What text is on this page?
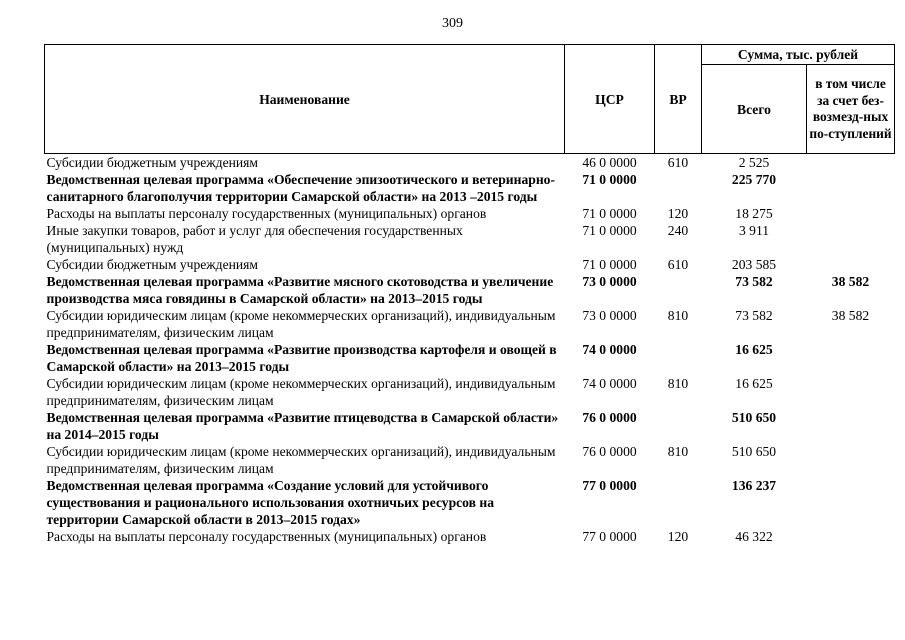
309
Наименование	ЦСР	ВР	Сумма, тыс. рублей	
			Всего	в том числе за счет без-возмезд-ных по-ступлений
Субсидии бюджетным учреждениям	46 0 0000	610	2 525	
Ведомственная целевая программа «Обеспечение эпизоотического и ветеринарно-санитарного благополучия территории Самарской области» на 2013 –2015 годы	71 0 0000		225 770	
Расходы на выплаты персоналу государственных (муниципальных) органов	71 0 0000	120	18 275	
Иные закупки товаров, работ и услуг для обеспечения государственных (муниципальных) нужд	71 0 0000	240	3 911	
Субсидии бюджетным учреждениям	71 0 0000	610	203 585	
Ведомственная целевая программа «Развитие мясного скотоводства и увеличение производства мяса говядины в Самарской области» на 2013–2015 годы	73 0 0000		73 582	38 582
Субсидии юридическим лицам (кроме некоммерческих организаций), индивидуальным предпринимателям, физическим лицам	73 0 0000	810	73 582	38 582
Ведомственная целевая программа «Развитие производства картофеля и овощей в Самарской области» на 2013–2015 годы	74 0 0000		16 625	
Субсидии юридическим лицам (кроме некоммерческих организаций), индивидуальным предпринимателям, физическим лицам	74 0 0000	810	16 625	
Ведомственная целевая программа «Развитие птицеводства в Самарской области» на 2014–2015 годы	76 0 0000		510 650	
Субсидии юридическим лицам (кроме некоммерческих организаций), индивидуальным предпринимателям, физическим лицам	76 0 0000	810	510 650	
Ведомственная целевая программа «Создание условий для устойчивого существования и рационального использования охотничьих ресурсов на территории Самарской области в 2013–2015 годах»	77 0 0000		136 237	
Расходы на выплаты персоналу государственных (муниципальных) органов	77 0 0000	120	46 322	
